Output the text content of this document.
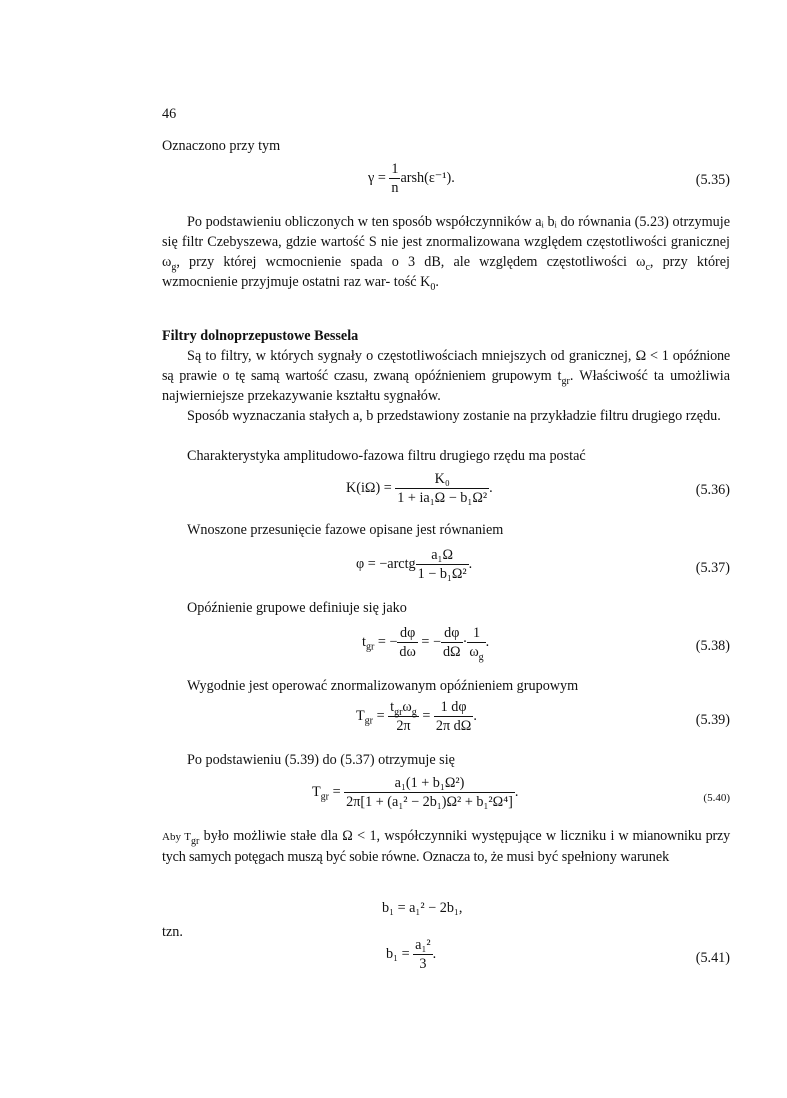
46
Oznaczono przy tym
$\gamma = \frac{1}{n}$ arsh(ε⁻¹).	(5.35)
Po podstawieniu obliczonych w ten sposób współczynników aᵢ bᵢ do równania (5.23) otrzymuje się filtr Czebyszewa, gdzie wartość S nie jest znormalizowana względem częstotliwości granicznej $\omega_g$, przy której wcmocnienie spada o 3 dB, ale względem częstotliwości $\omega_c$, przy której wzmocnienie przyjmuje ostatni raz war- tość $K_0$.
Filtry dolnoprzepustowe Bessela
Są to filtry, w których sygnały o częstotliwościach mniejszych od granicznej, Ω < 1 opóźnione są prawie o tę samą wartość czasu, zwaną opóźnieniem grupowym $t_{gr}$. Właściwość ta umożliwia najwierniejsze przekazywanie kształtu sygnałów.
Sposób wyznaczania stałych a, b przedstawiony zostanie na przykładzie filtru drugiego rzędu.
Charakterystyka amplitudowo-fazowa filtru drugiego rzędu ma postać
$K(i\Omega) = \frac{\text{K₀}}{\text{1 + ia₁Ω − b₁Ω²}}$ .	(5.36)
Wnoszone przesunięcie fazowe opisane jest równaniem
φ = −arctg $\frac{\text{a₁Ω}}{\text{1 − b₁Ω²}}$ .	(5.37)
Opóźnienie grupowe definiuje się jako
$t_{gr}$ = − $\frac{d\varphi}{d\omega}$ = − $\frac{d\varphi}{d\Omega} \cdot \frac{1}{\omega_g}$ .	(5.38)
Wygodnie jest operować znormalizowanym opóźnieniem grupowym
$T_{gr} = \frac{t_{gr}\omega_g}{2\pi} = \frac{1 d\varphi}{\text{2π dΩ}}$ .	(5.39)
Po podstawieniu (5.39) do (5.37) otrzymuje się
$T_{gr} = \frac{\text{a₁(1 + b₁Ω²)}}{\text{2π[1 + (a₁² − 2b₁)Ω² + b₁²Ω⁴]}}$ .	(5.40)
Aby $T_{gr}$ było możliwie stałe dla Ω < 1, współczynniki występujące w liczniku i w mianowniku przy tych samych potęgach muszą być sobie równe. Oznacza to, że musi być spełniony warunek
b₁ = a₁² − 2b₁,
tzn.
$b_1 = \frac{\text{a₁²}}{3}$ .	(5.41)
